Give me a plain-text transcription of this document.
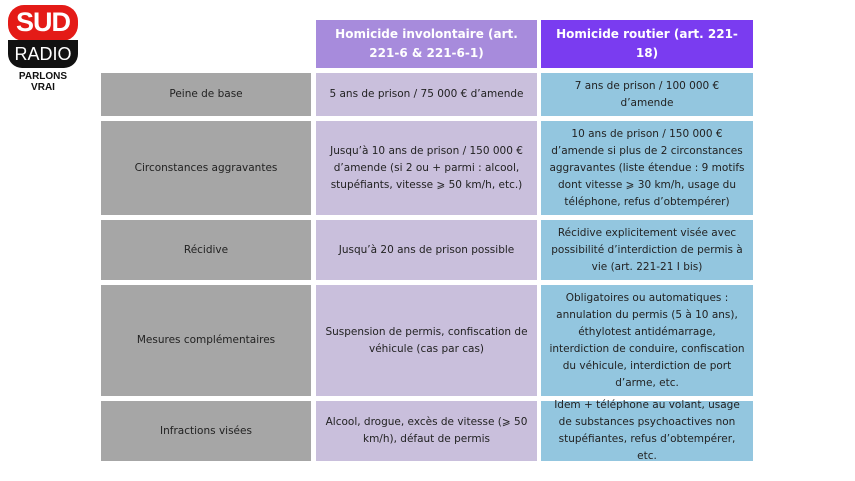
SUD
RADIO
PARLONS VRAI
Homicide involontaire (art. 221-6 & 221-6-1)
Homicide routier (art. 221-18)
Peine de base	5 ans de prison / 75 000 € d’amende
7 ans de prison / 100 000 € d’amende
Circonstances aggravantes
Jusqu’à 10 ans de prison / 150 000 € d’amende (si 2 ou + parmi : alcool, stupéfiants, vitesse ⩾ 50 km/h, etc.)
10 ans de prison / 150 000 € d’amende si plus de 2 circonstances aggravantes (liste étendue : 9 motifs dont vitesse ⩾ 30 km/h, usage du téléphone, refus d’obtempérer)
Récidive	Jusqu’à 20 ans de prison possible
Récidive explicitement visée avec possibilité d’interdiction de permis à vie (art. 221-21 I bis)
Mesures complémentaires
Suspension de permis, confiscation de véhicule (cas par cas)
Obligatoires ou automatiques : annulation du permis (5 à 10 ans), éthylotest antidémarrage, interdiction de conduire, confiscation du véhicule, interdiction de port d’arme, etc.
Infractions visées
Alcool, drogue, excès de vitesse (⩾ 50 km/h), défaut de permis
Idem + téléphone au volant, usage de substances psychoactives non stupéfiantes, refus d’obtempérer, etc.
